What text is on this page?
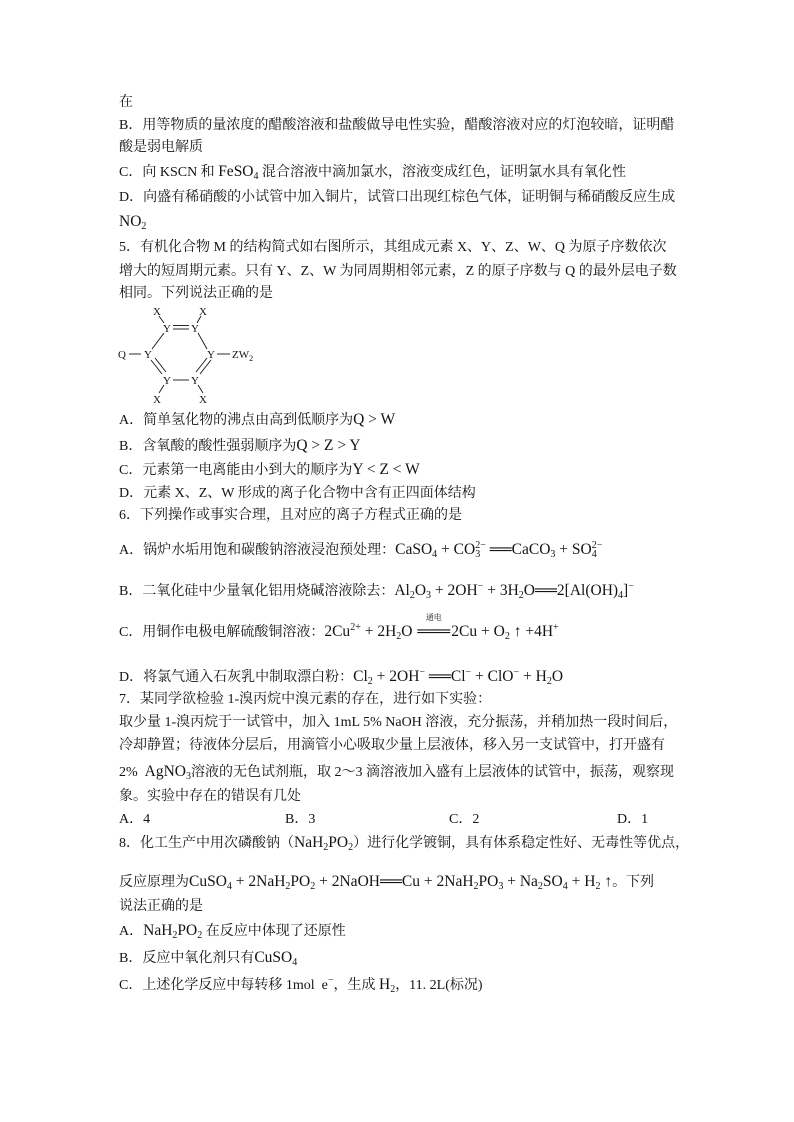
在
B．用等物质的量浓度的醋酸溶液和盐酸做导电性实验，醋酸溶液对应的灯泡较暗，证明醋
酸是弱电解质
C．向 KSCN 和 FeSO$_4$ 混合溶液中滴加氯水，溶液变成红色，证明氯水具有氧化性
D．向盛有稀硝酸的小试管中加入铜片，试管口出现红棕色气体，证明铜与稀硝酸反应生成
$NO_2$
5．有机化合物 M 的结构简式如右图所示，其组成元素 X、Y、Z、W、Q 为原子序数依次
增大的短周期元素。只有 Y、Z、W 为同周期相邻元素，Z 的原子序数与 Q 的最外层电子数
相同。下列说法正确的是
X	X
Y Y
Q Y	Y $ZW_2$
Y Y
X	X
A．简单氢化物的沸点由高到低顺序为Q > W
B．含氧酸的酸性强弱顺序为Q > Z > Y
C．元素第一电离能由小到大的顺序为Y < Z < W
D．元素 X、Z、W 形成的离子化合物中含有正四面体结构
6．下列操作或事实合理，且对应的离子方程式正确的是
A．锅炉水垢用饱和碳酸钠溶液浸泡预处理：CaSO$_4$ + CO 2−
3 ══CaCO$_3$ + SO 2−
4
B．二氧化硅中少量氧化铝用烧碱溶液除去：$Al_2O_3 + 2OH^-$ + $3H_2O══2[Al(OH)_4]^-$
C．用铜作电极电解硫酸铜溶液：$2Cu^{2+} + 2H_2O$
通电
═══2Cu + $O_2$ ↑ +4H+
D．将氯气通入石灰乳中制取漂白粉：$Cl_2 + 2OH^-$ ══Cl− + $ClO^- + H_2O$
7．某同学欲检验 1-溴丙烷中溴元素的存在，进行如下实验：
取少量 1-溴丙烷于一试管中，加入 1mL 5% NaOH 溶液，充分振荡，并稍加热一段时间后，
冷却静置；待液体分层后，用滴管小心吸取少量上层液体，移入另一支试管中，打开盛有
2%  AgNO$_3$溶液的无色试剂瓶，取 2～3 滴溶液加入盛有上层液体的试管中，振荡，观察现
象。实验中存在的错误有几处
A．4	B．3	C．2	D．1
8．化工生产中用次磷酸钠$(NaH_2PO_2)$进行化学镀铜，具有体系稳定性好、无毒性等优点，
反应原理为CuSO$_4$ + $2NaH_2PO_2$ + 2NaOH══Cu + $2NaH_2PO_3 + Na_2SO_4 + H_2$ ↑。下列
说法正确的是
A．$NaH_2PO_2$ 在反应中体现了还原性
B．反应中氧化剂只有CuSO$_4$
C．上述化学反应中每转移 1mol  e−，生成 $H_2$，11. 2L(标况)
